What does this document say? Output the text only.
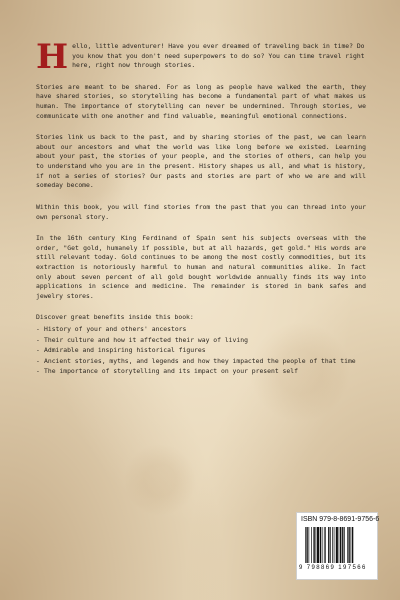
Hello, little adventurer! Have you ever dreamed of traveling back in time? Do you know that you don't need superpowers to do so? You can time travel right here, right now through stories.

Stories are meant to be shared. For as long as people have walked the earth, they have shared stories, so storytelling has become a fundamental part of what makes us human. The importance of storytelling can never be undermined. Through stories, we communicate with one another and find valuable, meaningful emotional connections.

Stories link us back to the past, and by sharing stories of the past, we can learn about our ancestors and what the world was like long before we existed. Learning about your past, the stories of your people, and the stories of others, can help you to understand who you are in the present. History shapes us all, and what is history, if not a series of stories? Our pasts and stories are part of who we are and will someday become.

Within this book, you will find stories from the past that you can thread into your own personal story.

In the 16th century King Ferdinand of Spain sent his subjects overseas with the order, "Get gold, humanely if possible, but at all hazards, get gold." His words are still relevant today. Gold continues to be among the most costly commodities, but its extraction is notoriously harmful to human and natural communities alike. In fact only about seven percent of all gold bought worldwide annually finds its way into applications in science and medicine. The remainder is stored in bank safes and jewelry stores.

Discover great benefits inside this book:
- History of your and others' ancestors
- Their culture and how it affected their way of living
- Admirable and inspiring historical figures
- Ancient stories, myths, and legends and how they impacted the people of that time
- The importance of storytelling and its impact on your present self
ISBN 979-8-8691-9756-6
9 798869 197566
